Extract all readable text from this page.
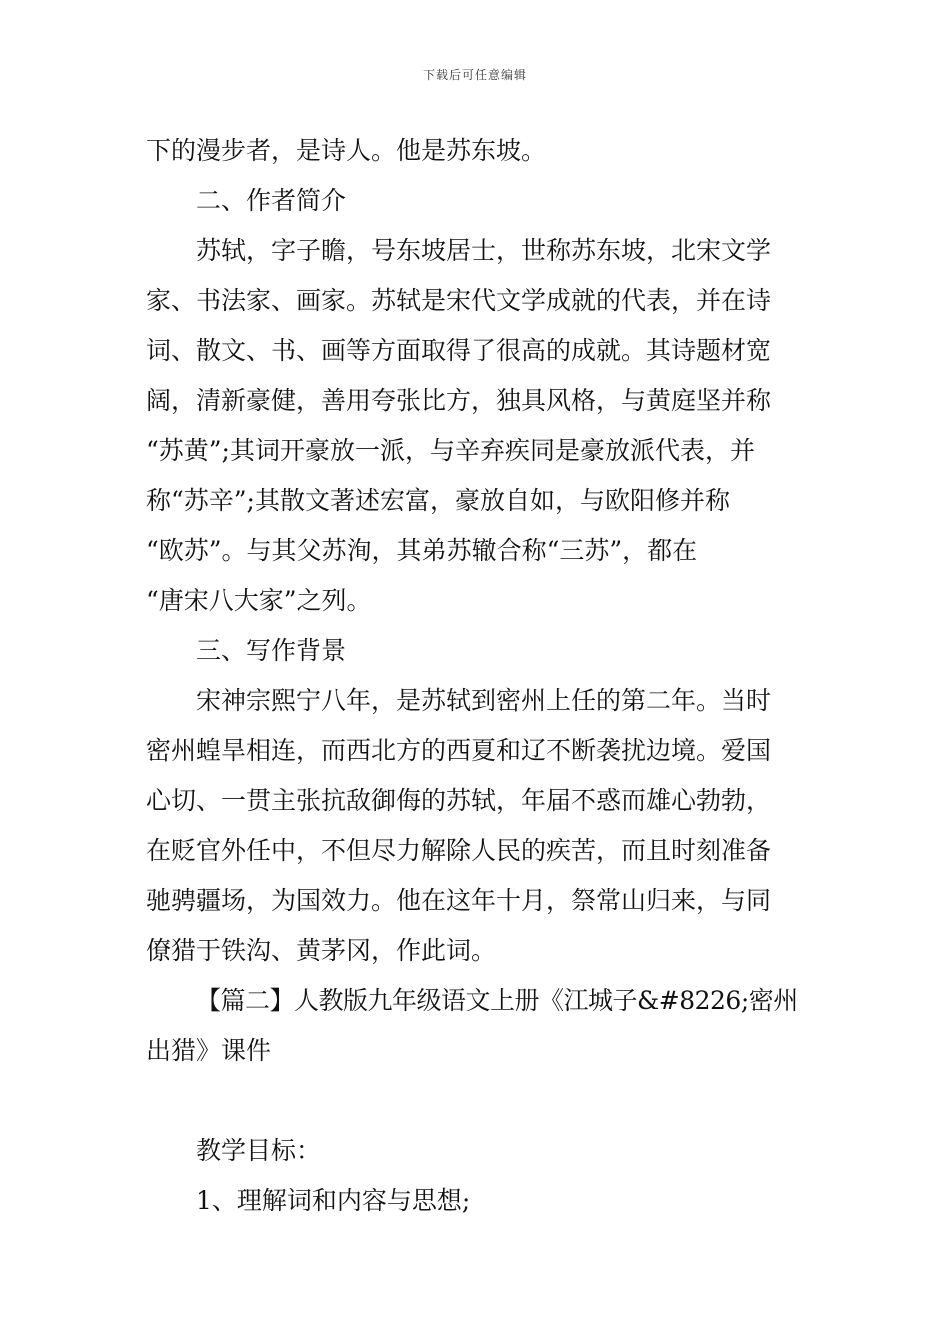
下载后可任意编辑
下的漫步者，是诗人。他是苏东坡。
二、作者简介
苏轼，字子瞻，号东坡居士，世称苏东坡，北宋文学
家、书法家、画家。苏轼是宋代文学成就的代表，并在诗
词、散文、书、画等方面取得了很高的成就。其诗题材宽
阔，清新豪健，善用夸张比方，独具风格，与黄庭坚并称
“苏黄”;其词开豪放一派，与辛弃疾同是豪放派代表，并
称“苏辛”;其散文著述宏富，豪放自如，与欧阳修并称
“欧苏”。与其父苏洵，其弟苏辙合称“三苏”，都在
“唐宋八大家”之列。
三、写作背景
宋神宗熙宁八年，是苏轼到密州上任的第二年。当时
密州蝗旱相连，而西北方的西夏和辽不断袭扰边境。爱国
心切、一贯主张抗敌御侮的苏轼，年届不惑而雄心勃勃，
在贬官外任中，不但尽力解除人民的疾苦，而且时刻准备
驰骋疆场，为国效力。他在这年十月，祭常山归来，与同
僚猎于铁沟、黄茅冈，作此词。
【篇二】人教版九年级语文上册《江城子&#8226;密州
出猎》课件
教学目标：
1、理解词和内容与思想;
